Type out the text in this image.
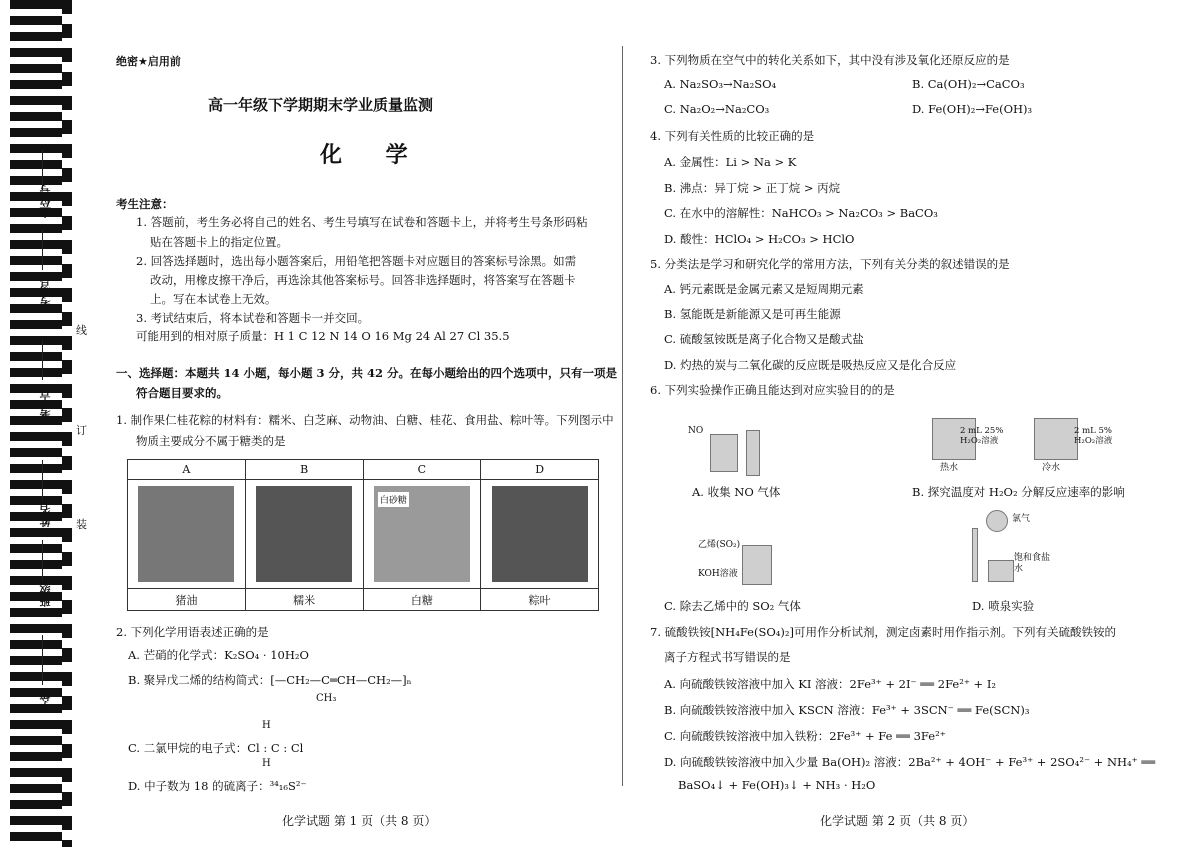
座位号
考场号
考生号
姓名
班级
学校
线
订
装
绝密★启用前
高一年级下学期期末学业质量监测
化 学
考生注意：
1. 答题前，考生务必将自己的姓名、考生号填写在试卷和答题卡上，并将考生号条形码粘
贴在答题卡上的指定位置。
2. 回答选择题时，选出每小题答案后，用铅笔把答题卡对应题目的答案标号涂黑。如需
改动，用橡皮擦干净后，再选涂其他答案标号。回答非选择题时，将答案写在答题卡
上。写在本试卷上无效。
3. 考试结束后，将本试卷和答题卡一并交回。
可能用到的相对原子质量：H 1 C 12 N 14 O 16 Mg 24 Al 27 Cl 35.5
一、选择题：本题共 14 小题，每小题 3 分，共 42 分。在每小题给出的四个选项中，只有一项是
符合题目要求的。
1. 制作果仁桂花粽的材料有：糯米、白芝麻、动物油、白糖、桂花、食用盐、粽叶等。下列图示中
物质主要成分不属于糖类的是
A	B	C	D

		白砂糖	

猪油	糯米	白糖	粽叶
2. 下列化学用语表述正确的是
A. 芒硝的化学式：K₂SO₄ · 10H₂O
B. 聚异戊二烯的结构简式：[—CH₂—C═CH—CH₂—]ₙ
CH₃
H
C. 二氯甲烷的电子式：Cl : C : Cl
H
D. 中子数为 18 的硫离子：³⁴₁₆S²⁻
化学试题 第 1 页（共 8 页）
3. 下列物质在空气中的转化关系如下，其中没有涉及氧化还原反应的是
A. Na₂SO₃→Na₂SO₄	B. Ca(OH)₂→CaCO₃
C. Na₂O₂→Na₂CO₃	D. Fe(OH)₂→Fe(OH)₃
4. 下列有关性质的比较正确的是
A. 金属性：Li > Na > K
B. 沸点：异丁烷 > 正丁烷 > 丙烷
C. 在水中的溶解性：NaHCO₃ > Na₂CO₃ > BaCO₃
D. 酸性：HClO₄ > H₂CO₃ > HClO
5. 分类法是学习和研究化学的常用方法，下列有关分类的叙述错误的是
A. 钙元素既是金属元素又是短周期元素
B. 氢能既是新能源又是可再生能源
C. 硫酸氢铵既是离子化合物又是酸式盐
D. 灼热的炭与二氧化碳的反应既是吸热反应又是化合反应
6. 下列实验操作正确且能达到对应实验目的的是
NO
A. 收集 NO 气体
2 mL 25% H₂O₂溶液
热水
2 mL 5% H₂O₂溶液
冷水
B. 探究温度对 H₂O₂ 分解反应速率的影响
乙烯(SO₂)
KOH溶液
C. 除去乙烯中的 SO₂ 气体
氯气
饱和食盐水
D. 喷泉实验
7. 硫酸铁铵[NH₄Fe(SO₄)₂]可用作分析试剂，测定卤素时用作指示剂。下列有关硫酸铁铵的
离子方程式书写错误的是
A. 向硫酸铁铵溶液中加入 KI 溶液：2Fe³⁺ + 2I⁻ ══ 2Fe²⁺ + I₂
B. 向硫酸铁铵溶液中加入 KSCN 溶液：Fe³⁺ + 3SCN⁻ ══ Fe(SCN)₃
C. 向硫酸铁铵溶液中加入铁粉：2Fe³⁺ + Fe ══ 3Fe²⁺
D. 向硫酸铁铵溶液中加入少量 Ba(OH)₂ 溶液：2Ba²⁺ + 4OH⁻ + Fe³⁺ + 2SO₄²⁻ + NH₄⁺ ══
BaSO₄↓ + Fe(OH)₃↓ + NH₃ · H₂O
化学试题 第 2 页（共 8 页）
